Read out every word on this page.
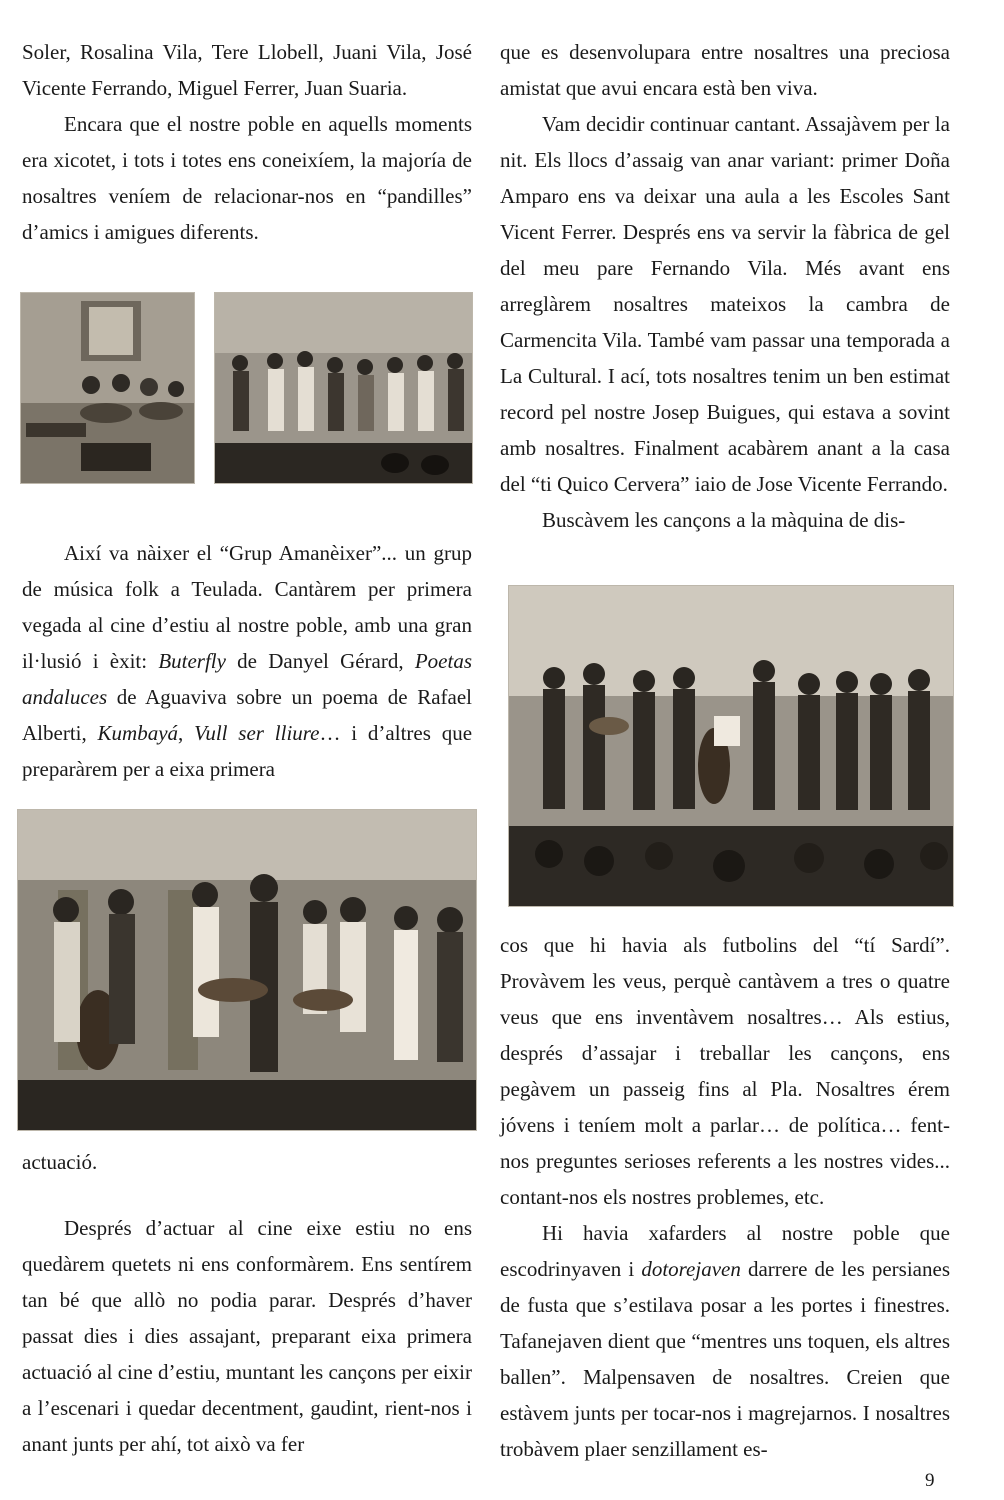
Soler, Rosalina Vila, Tere Llobell, Juani Vila, José Vicente Ferrando, Miguel Ferrer, Juan Suaria.

Encara que el nostre poble en aquells moments era xicotet, i tots i totes ens coneixíem, la majoría de nosaltres veníem de relacionar-nos en “pandilles” d’amics i amigues diferents.

Així va nàixer el “Grup Amanèixer”... un grup de música folk a Teulada. Cantàrem per primera vegada al cine d’estiu al nostre poble, amb una gran il·lusió i èxit: Buterfly de Danyel Gérard, Poetas andaluces de Aguaviva sobre un poema de Rafael Alberti, Kumbayá, Vull ser lliure… i d’altres que preparàrem per a eixa primera

actuació.

Després d’actuar al cine eixe estiu no ens quedàrem quetets ni ens conformàrem. Ens sentírem tan bé que allò no podia parar. Després d’haver passat dies i dies assajant, preparant eixa primera actuació al cine d’estiu, muntant les cançons per eixir a l’escenari i quedar decentment, gaudint, rient-nos i anant junts per ahí, tot això va fer

que es desenvolupara entre nosaltres una preciosa amistat que avui encara està ben viva.

Vam decidir continuar cantant. Assajàvem per la nit. Els llocs d’assaig van anar variant: primer Doña Amparo ens va deixar una aula a les Escoles Sant Vicent Ferrer. Després ens va servir la fàbrica de gel del meu pare Fernando Vila. Més avant ens arreglàrem nosaltres mateixos la cambra de Carmencita Vila. També vam passar una temporada a La Cultural. I ací, tots nosaltres tenim un ben estimat record pel nostre Josep Buigues, qui estava a sovint amb nosaltres. Finalment acabàrem anant a la casa del “ti Quico Cervera” iaio de Jose Vicente Ferrando.

Buscàvem les cançons a la màquina de dis-

cos que hi havia als futbolins del “tí Sardí”. Provàvem les veus, perquè cantàvem a tres o quatre veus que ens inventàvem nosaltres… Als estius, després d’assajar i treballar les cançons, ens pegàvem un passeig fins al Pla. Nosaltres érem jóvens i teníem molt a parlar… de política… fent-nos preguntes serioses referents a les nostres vides... contant-nos els nostres problemes, etc.

Hi havia xafarders al nostre poble que escodrinyaven i dotorejaven darrere de les persianes de fusta que s’estilava posar a les portes i finestres. Tafanejaven dient que “mentres uns toquen, els altres ballen”. Malpensaven de nosaltres. Creien que estàvem junts per tocar-nos i magrejarnos. I nosaltres trobàvem plaer senzillament es-

9
